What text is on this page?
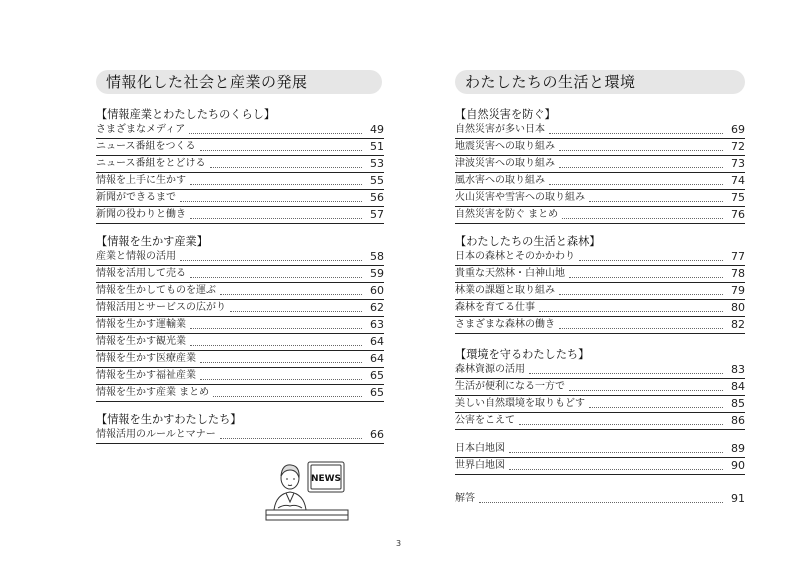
情報化した社会と産業の発展
【情報産業とわたしたちのくらし】
さまざまなメディア	49
ニュース番組をつくる	51
ニュース番組をとどける	53
情報を上手に生かす	55
新聞ができるまで	56
新聞の役わりと働き	57
【情報を生かす産業】
産業と情報の活用	58
情報を活用して売る	59
情報を生かしてものを運ぶ	60
情報活用とサービスの広がり	62
情報を生かす運輸業	63
情報を生かす観光業	64
情報を生かす医療産業	64
情報を生かす福祉産業	65
情報を生かす産業 まとめ	65
【情報を生かすわたしたち】
情報活用のルールとマナー	66
NEWS
わたしたちの生活と環境
【自然災害を防ぐ】
自然災害が多い日本	69
地震災害への取り組み	72
津波災害への取り組み	73
風水害への取り組み	74
火山災害や雪害への取り組み	75
自然災害を防ぐ まとめ	76
【わたしたちの生活と森林】
日本の森林とそのかかわり	77
貴重な天然林・白神山地	78
林業の課題と取り組み	79
森林を育てる仕事	80
さまざまな森林の働き	82
【環境を守るわたしたち】
森林資源の活用	83
生活が便利になる一方で	84
美しい自然環境を取りもどす	85
公害をこえて	86
日本白地図	89
世界白地図	90
解答	91
3
